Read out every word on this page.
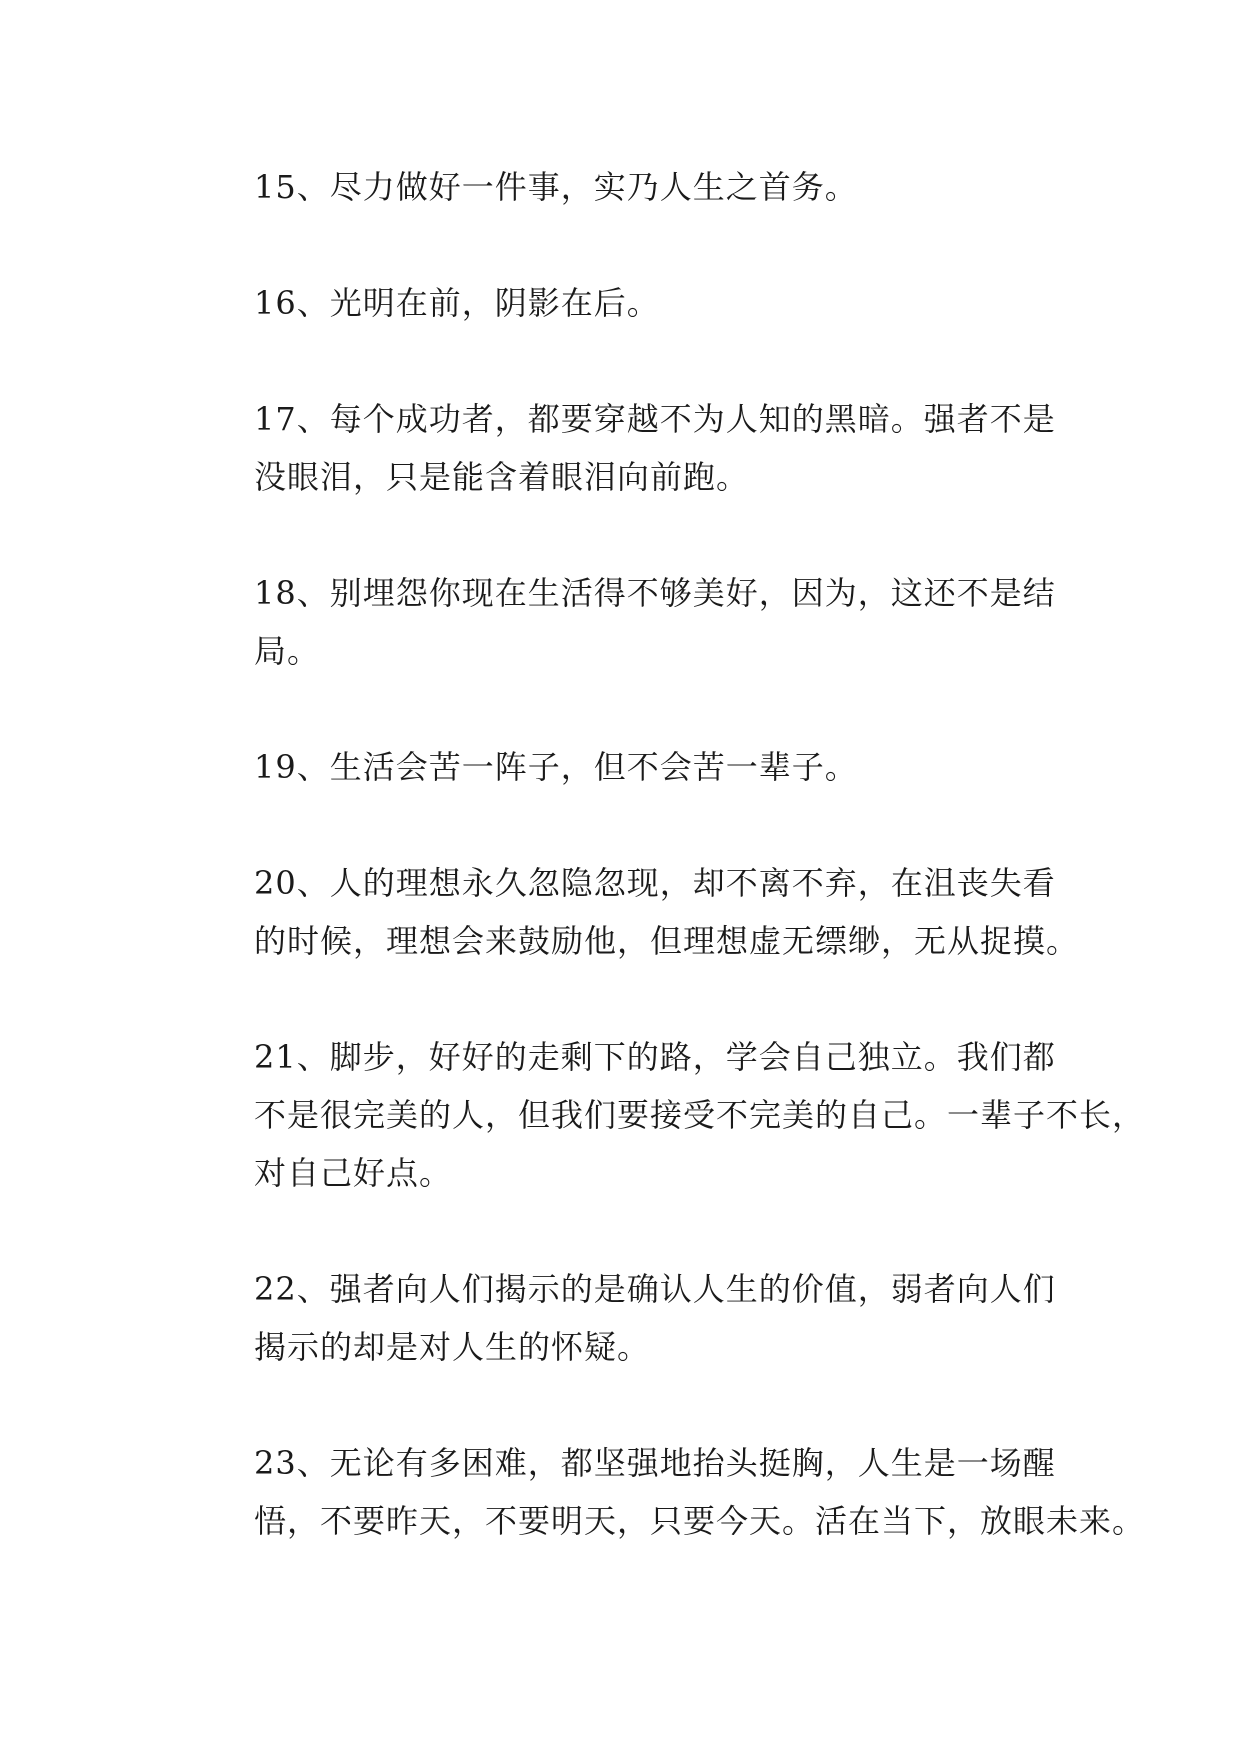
15、尽力做好一件事，实乃人生之首务。

16、光明在前，阴影在后。

17、每个成功者，都要穿越不为人知的黑暗。强者不是
没眼泪，只是能含着眼泪向前跑。

18、别埋怨你现在生活得不够美好，因为，这还不是结
局。

19、生活会苦一阵子，但不会苦一辈子。

20、人的理想永久忽隐忽现，却不离不弃，在沮丧失看
的时候，理想会来鼓励他，但理想虚无缥缈，无从捉摸。

21、脚步，好好的走剩下的路，学会自己独立。我们都
不是很完美的人，但我们要接受不完美的自己。一辈子不长，
对自己好点。

22、强者向人们揭示的是确认人生的价值，弱者向人们
揭示的却是对人生的怀疑。

23、无论有多困难，都坚强地抬头挺胸，人生是一场醒
悟，不要昨天，不要明天，只要今天。活在当下，放眼未来。
